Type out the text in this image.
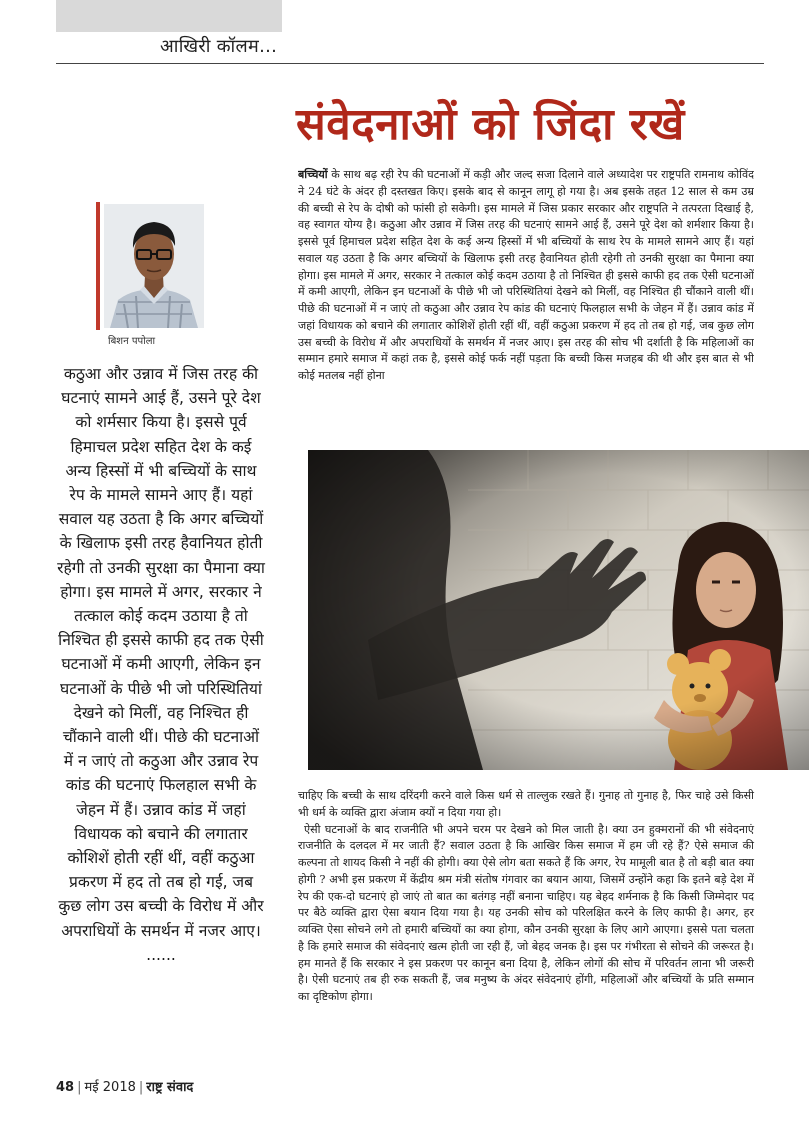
आखिरी कॉलम...
संवेदनाओं को जिंदा रखें
बिशन पपोला
कठुआ और उन्नाव में जिस तरह की घटनाएं सामने आई हैं, उसने पूरे देश को शर्मसार किया है। इससे पूर्व हिमाचल प्रदेश सहित देश के कई अन्य हिस्सों में भी बच्चियों के साथ रेप के मामले सामने आए हैं। यहां सवाल यह उठता है कि अगर बच्चियों के खिलाफ इसी तरह हैवानियत होती रहेगी तो उनकी सुरक्षा का पैमाना क्या होगा। इस मामले में अगर, सरकार ने तत्काल कोई कदम उठाया है तो निश्चित ही इससे काफी हद तक ऐसी घटनाओं में कमी आएगी, लेकिन इन घटनाओं के पीछे भी जो परिस्थितियां देखने को मिलीं, वह निश्चित ही चौंकाने वाली थीं। पीछे की घटनाओं में न जाएं तो कठुआ और उन्नाव रेप कांड की घटनाएं फिलहाल सभी के जेहन में हैं। उन्नाव कांड में जहां विधायक को बचाने की लगातार कोशिशें होती रहीं थीं, वहीं कठुआ प्रकरण में हद तो तब हो गई, जब कुछ लोग उस बच्ची के विरोध में और अपराधियों के समर्थन में नजर आए। ......

बच्चियों के साथ बढ़ रही रेप की घटनाओं में कड़ी और जल्द सजा दिलाने वाले अध्यादेश पर राष्ट्रपति रामनाथ कोविंद ने 24 घंटे के अंदर ही दस्तखत किए। इसके बाद से कानून लागू हो गया है। अब इसके तहत 12 साल से कम उम्र की बच्ची से रेप के दोषी को फांसी हो सकेगी। इस मामले में जिस प्रकार सरकार और राष्ट्रपति ने तत्परता दिखाई है, वह स्वागत योग्य है। कठुआ और उन्नाव में जिस तरह की घटनाएं सामने आई हैं, उसने पूरे देश को शर्मशार किया है। इससे पूर्व हिमाचल प्रदेश सहित देश के कई अन्य हिस्सों में भी बच्चियों के साथ रेप के मामले सामने आए हैं। यहां सवाल यह उठता है कि अगर बच्चियों के खिलाफ इसी तरह हैवानियत होती रहेगी तो उनकी सुरक्षा का पैमाना क्या होगा। इस मामले में अगर, सरकार ने तत्काल कोई कदम उठाया है तो निश्चित ही इससे काफी हद तक ऐसी घटनाओं में कमी आएगी, लेकिन इन घटनाओं के पीछे भी जो परिस्थितियां देखने को मिलीं, वह निश्चित ही चौंकाने वाली थीं। पीछे की घटनाओं में न जाएं तो कठुआ और उन्नाव रेप कांड की घटनाएं फिलहाल सभी के जेहन में हैं। उन्नाव कांड में जहां विधायक को बचाने की लगातार कोशिशें होती रहीं थीं, वहीं कठुआ प्रकरण में हद तो तब हो गई, जब कुछ लोग उस बच्ची के विरोध में और अपराधियों के समर्थन में नजर आए। इस तरह की सोच भी दर्शाती है कि महिलाओं का सम्मान हमारे समाज में कहां तक है, इससे कोई फर्क नहीं पड़ता कि बच्ची किस मजहब की थी और इस बात से भी कोई मतलब नहीं होना

चाहिए कि बच्ची के साथ दरिंदगी करने वाले किस धर्म से ताल्लुक रखते हैं। गुनाह तो गुनाह है, फिर चाहे उसे किसी भी धर्म के व्यक्ति द्वारा अंजाम क्यों न दिया गया हो।

ऐसी घटनाओं के बाद राजनीति भी अपने चरम पर देखने को मिल जाती है। क्या उन हुक्मरानों की भी संवेदनाएं राजनीति के दलदल में मर जाती हैं? सवाल उठता है कि आखिर किस समाज में हम जी रहे हैं? ऐसे समाज की कल्पना तो शायद किसी ने नहीं की होगी। क्या ऐसे लोग बता सकते हैं कि अगर, रेप मामूली बात है तो बड़ी बात क्या होगी ? अभी इस प्रकरण में केंद्रीय श्रम मंत्री संतोष गंगवार का बयान आया, जिसमें उन्होंने कहा कि इतने बड़े देश में रेप की एक-दो घटनाएं हो जाएं तो बात का बतंगड़ नहीं बनाना चाहिए। यह बेहद शर्मनाक है कि किसी जिम्मेदार पद पर बैठे व्यक्ति द्वारा ऐसा बयान दिया गया है। यह उनकी सोच को परिलक्षित करने के लिए काफी है। अगर, हर व्यक्ति ऐसा सोचने लगे तो हमारी बच्चियों का क्या होगा, कौन उनकी सुरक्षा के लिए आगे आएगा। इससे पता चलता है कि हमारे समाज की संवेदनाएं खत्म होती जा रही हैं, जो बेहद जनक है। इस पर गंभीरता से सोचने की जरूरत है। हम मानते हैं कि सरकार ने इस प्रकरण पर कानून बना दिया है, लेकिन लोगों की सोच में परिवर्तन लाना भी जरूरी है। ऐसी घटनाएं तब ही रुक सकती हैं, जब मनुष्य के अंदर संवेदनाएं होंगी, महिलाओं और बच्चियों के प्रति सम्मान का दृष्टिकोण होगा।

48 | मई 2018 | राष्ट्र संवाद
